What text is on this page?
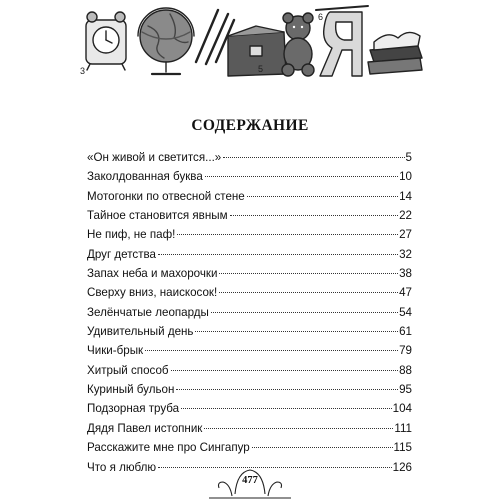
3	5
6
СОДЕРЖАНИЕ
«Он живой и светится...»	5
Заколдованная буква	10
Мотогонки по отвесной стене	14
Тайное становится явным	22
Не пиф, не паф!	27
Друг детства	32
Запах неба и махорочки	38
Сверху вниз, наискосок!	47
Зелёнчатые леопарды	54
Удивительный день	61
Чики-брык	79
Хитрый способ	88
Куриный бульон	95
Подзорная труба	104
Дядя Павел истопник	111
Расскажите мне про Сингапур	115
Что я люблю	126
477
